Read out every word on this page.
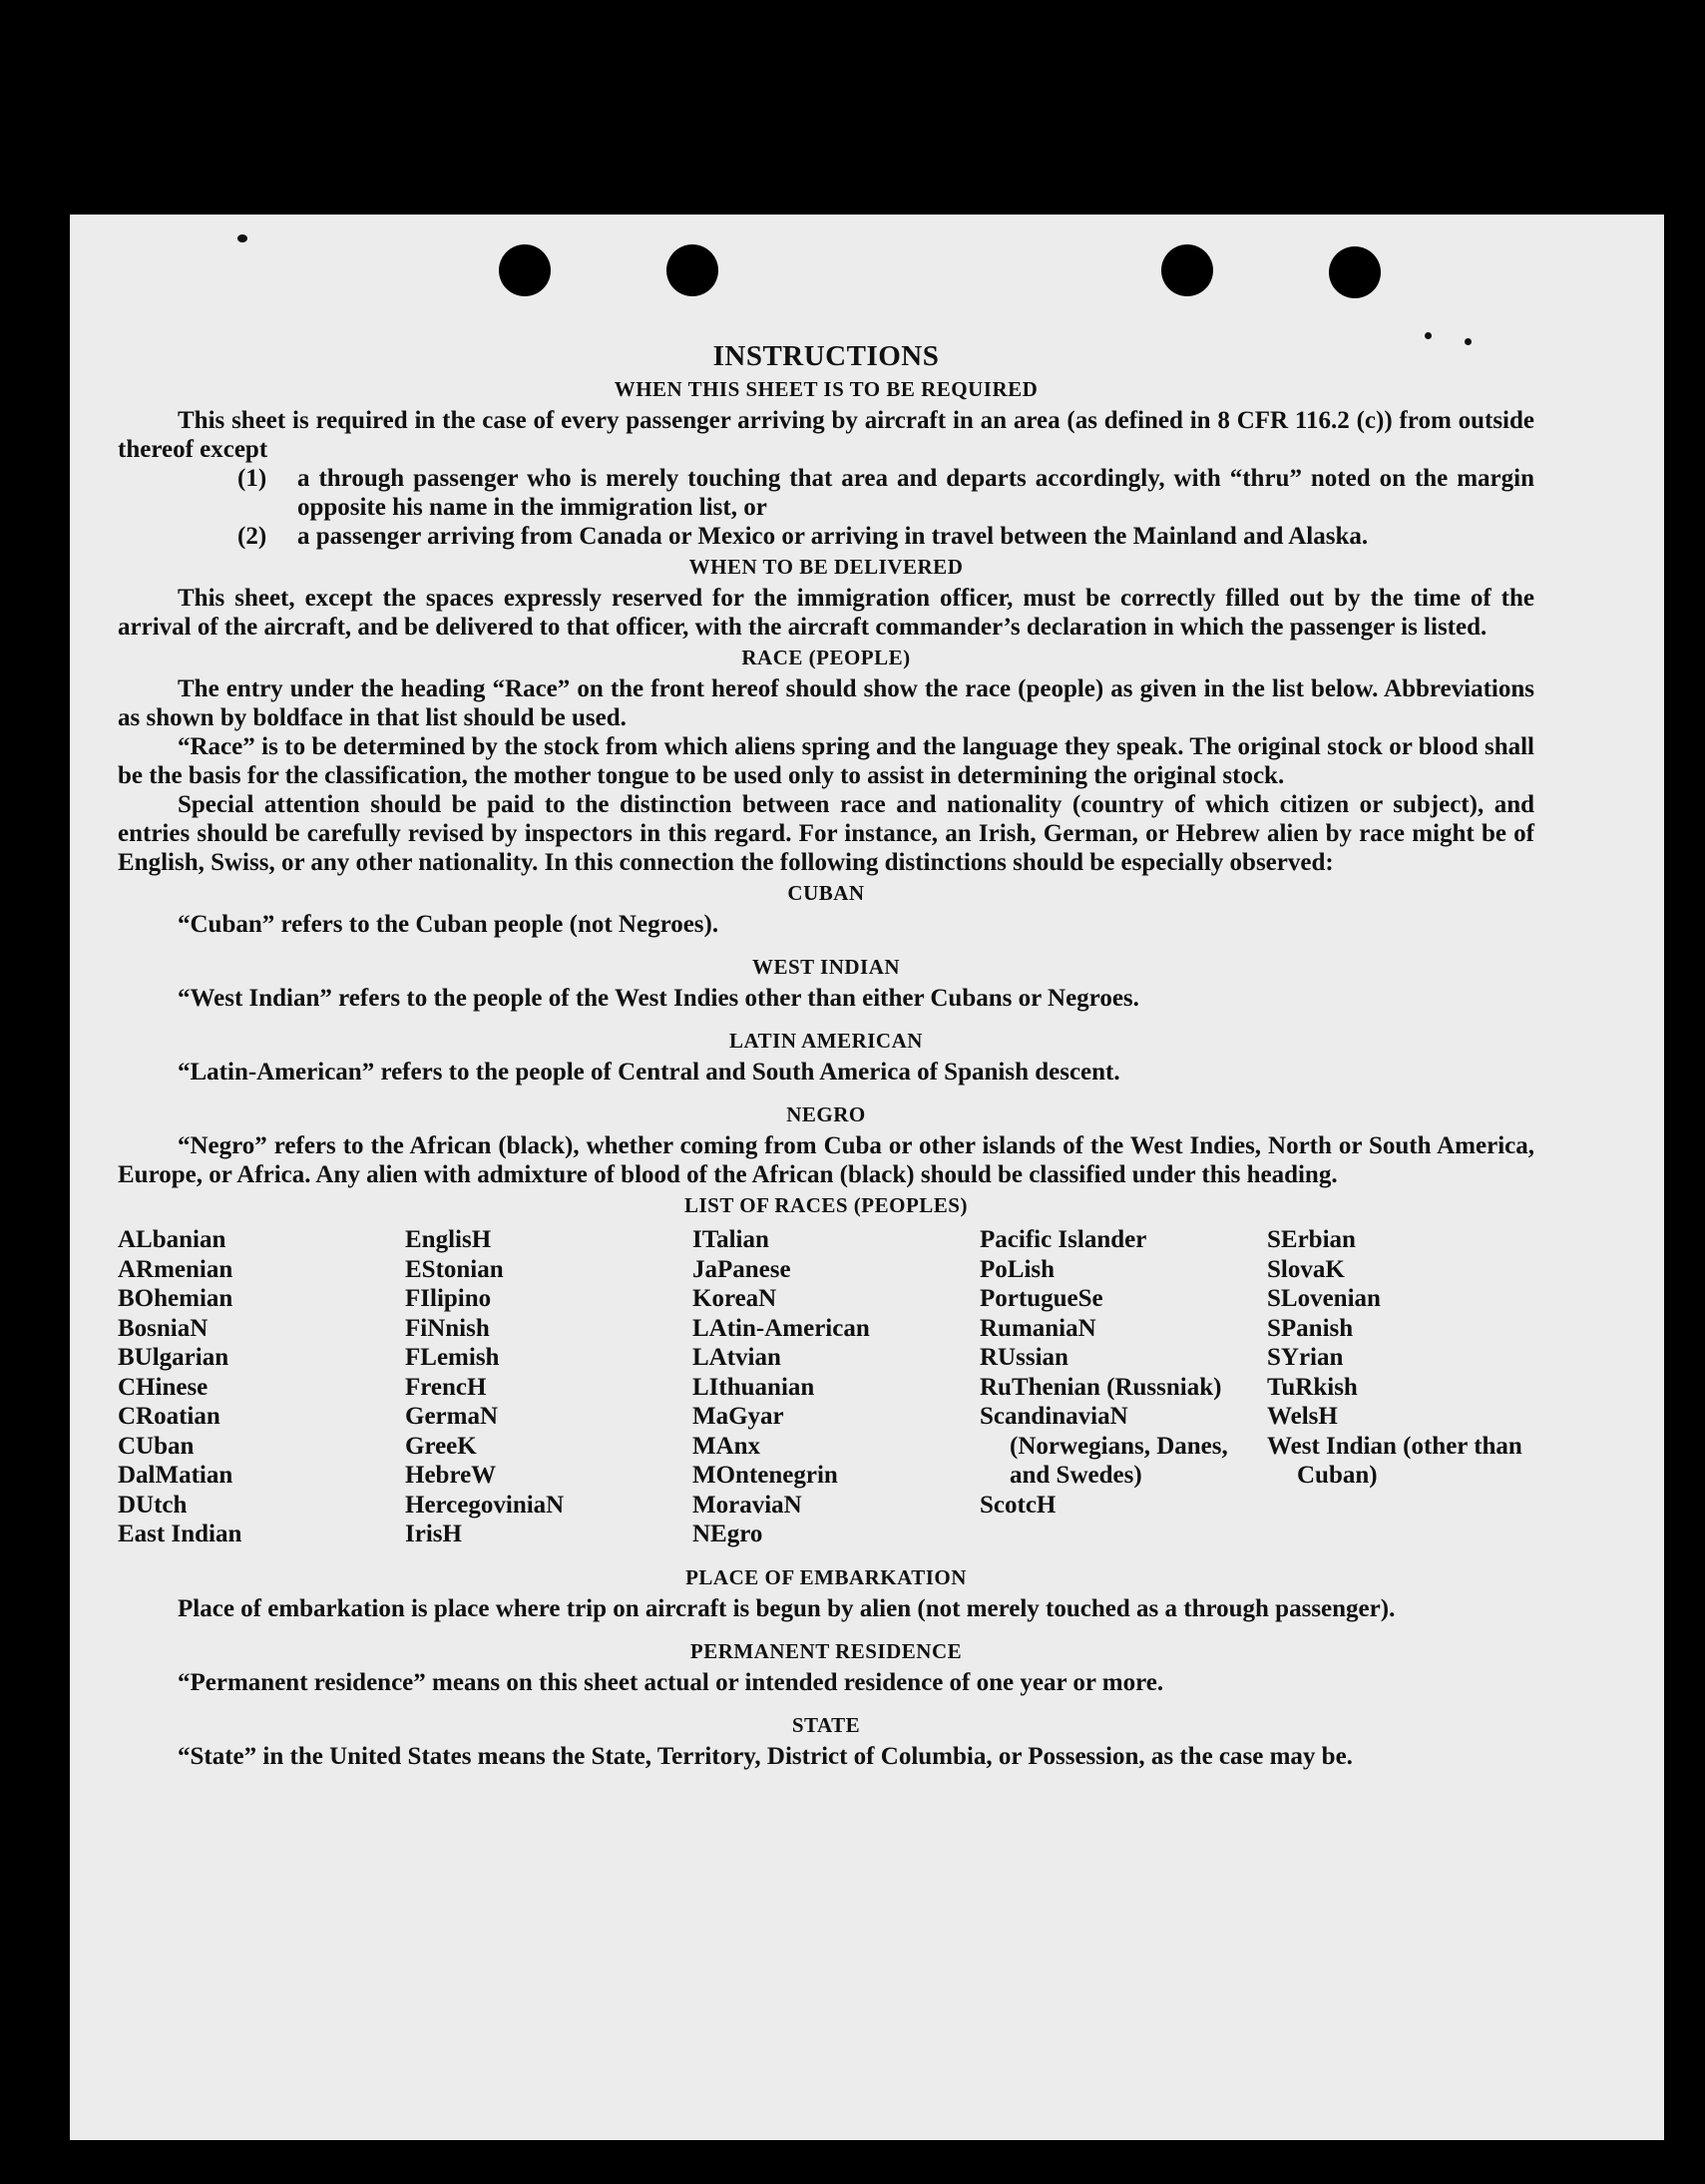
INSTRUCTIONS
WHEN THIS SHEET IS TO BE REQUIRED

This sheet is required in the case of every passenger arriving by aircraft in an area (as defined in 8 CFR 116.2 (c)) from outside thereof except

(1)	a through passenger who is merely touching that area and departs accordingly, with “thru” noted on the margin opposite his name in the immigration list, or
(2)	a passenger arriving from Canada or Mexico or arriving in travel between the Mainland and Alaska.
WHEN TO BE DELIVERED

This sheet, except the spaces expressly reserved for the immigration officer, must be correctly filled out by the time of the arrival of the aircraft, and be delivered to that officer, with the aircraft commander’s declaration in which the passenger is listed.

RACE (PEOPLE)

The entry under the heading “Race” on the front hereof should show the race (people) as given in the list below. Abbreviations as shown by boldface in that list should be used.

“Race” is to be determined by the stock from which aliens spring and the language they speak. The original stock or blood shall be the basis for the classification, the mother tongue to be used only to assist in determining the original stock.

Special attention should be paid to the distinction between race and nationality (country of which citizen or subject), and entries should be carefully revised by inspectors in this regard. For instance, an Irish, German, or Hebrew alien by race might be of English, Swiss, or any other nationality. In this connection the following distinctions should be especially observed:

CUBAN

“Cuban” refers to the Cuban people (not Negroes).

WEST INDIAN

“West Indian” refers to the people of the West Indies other than either Cubans or Negroes.

LATIN AMERICAN

“Latin-American” refers to the people of Central and South America of Spanish descent.

NEGRO

“Negro” refers to the African (black), whether coming from Cuba or other islands of the West Indies, North or South America, Europe, or Africa. Any alien with admixture of blood of the African (black) should be classified under this heading.

LIST OF RACES (PEOPLES)
ALbanian
ARmenian
BOhemian
BosniaN
BUlgarian
CHinese
CRoatian
CUban
DalMatian
DUtch
East Indian
EnglisH
EStonian
FIlipino
FiNnish
FLemish
FrencH
GermaN
GreeK
HebreW
HercegoviniaN
IrisH
ITalian
JaPanese
KoreaN
LAtin-American
LAtvian
LIthuanian
MaGyar
MAnx
MOntenegrin
MoraviaN
NEgro
Pacific Islander
PoLish
PortugueSe
RumaniaN
RUssian
RuThenian (Russniak)
ScandinaviaN (Norwegians, Danes, and Swedes)
ScotcH
SErbian
SlovaK
SLovenian
SPanish
SYrian
TuRkish
WelsH
West Indian (other than Cuban)
PLACE OF EMBARKATION

Place of embarkation is place where trip on aircraft is begun by alien (not merely touched as a through passenger).

PERMANENT RESIDENCE

“Permanent residence” means on this sheet actual or intended residence of one year or more.

STATE

“State” in the United States means the State, Territory, District of Columbia, or Possession, as the case may be.
